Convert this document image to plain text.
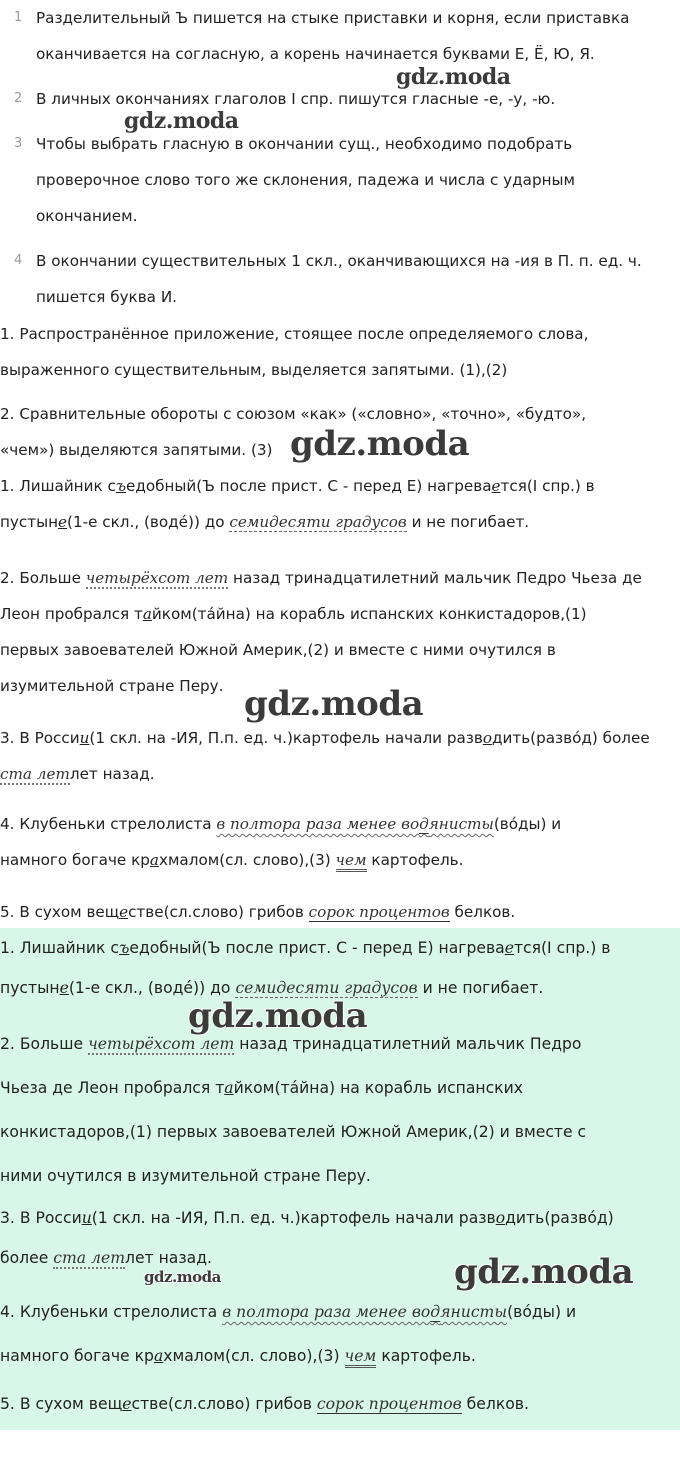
1 Разделительный Ъ пишется на стыке приставки и корня, если приставка
оканчивается на согласную, а корень начинается буквами Е, Ё, Ю, Я.
2 В личных окончаниях глаголов I спр. пишутся гласные -е, -у, -ю.
3 Чтобы выбрать гласную в окончании сущ., необходимо подобрать
проверочное слово того же склонения, падежа и числа с ударным
окончанием.
4 В окончании существительных 1 скл., оканчивающихся на -ия в П. п. ед. ч.
пишется буква И.
1. Распространённое приложение, стоящее после определяемого слова,
выраженного существительным, выделяется запятыми. (1),(2)
2. Сравнительные обороты с союзом «как» («словно», «точно», «будто»,
«чем») выделяются запятыми. (3)
1. Лишайник съедобный(Ъ после прист. С - перед Е) нагревается(I спр.) в
пустыне(1-е скл., (водé)) до семидесяти градусов и не погибает.
2. Больше четырёхсот лет назад тринадцатилетний мальчик Педро Чьеза де
Леон пробрался тайком(тáйна) на корабль испанских конкистадоров,(1)
первых завоевателей Южной Америк,(2) и вместе с ними очутился в
изумительной стране Перу.
3. В России(1 скл. на -ИЯ, П.п. ед. ч.)картофель начали разводить(развóд) более
ста летлет назад.
4. Клубеньки стрелолиста в полтора раза менее водянисты(вóды) и
намного богаче крахмалом(сл. слово),(3) чем картофель.
5. В сухом веществе(сл.слово) грибов сорок процентов белков.
1. Лишайник съедобный(Ъ после прист. С - перед Е) нагревается(I спр.) в
пустыне(1-е скл., (водé)) до семидесяти градусов и не погибает.
2. Больше четырёхсот лет назад тринадцатилетний мальчик Педро
Чьеза де Леон пробрался тайком(тáйна) на корабль испанских
конкистадоров,(1) первых завоевателей Южной Америк,(2) и вместе с
ними очутился в изумительной стране Перу.
3. В России(1 скл. на -ИЯ, П.п. ед. ч.)картофель начали разводить(развóд)
более ста летлет назад.
4. Клубеньки стрелолиста в полтора раза менее водянисты(вóды) и
намного богаче крахмалом(сл. слово),(3) чем картофель.
5. В сухом веществе(сл.слово) грибов сорок процентов белков.
gdz.moda
gdz.moda
gdz.moda
gdz.moda
gdz.moda
gdz.moda	gdz.moda
